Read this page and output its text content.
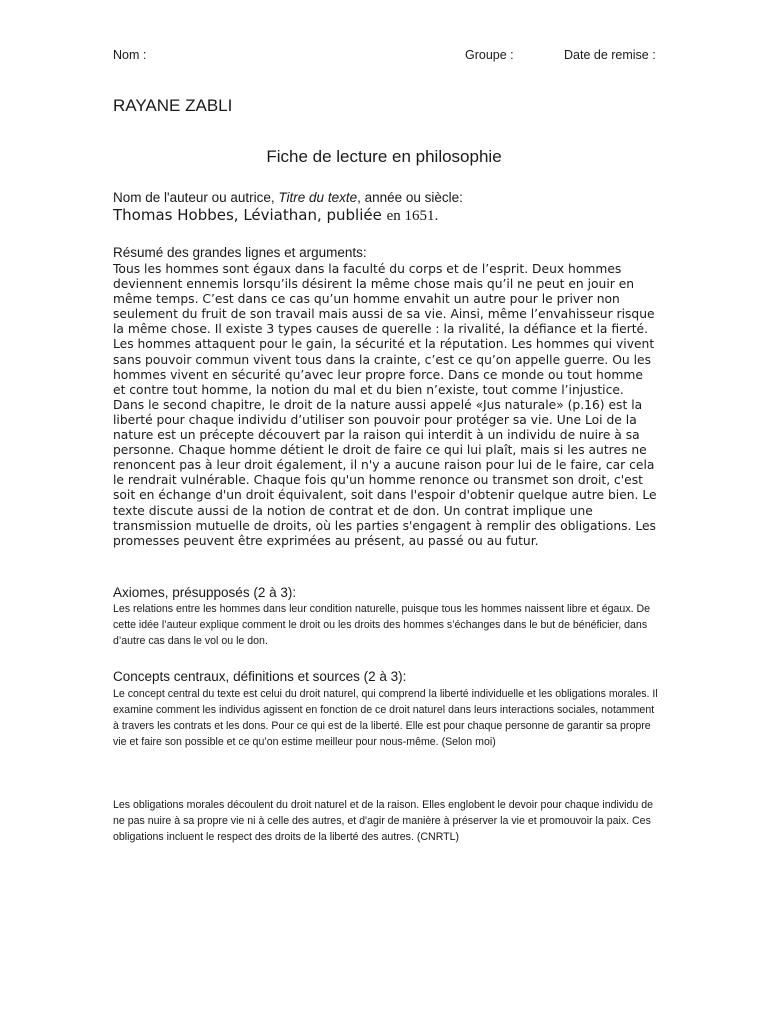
Nom :	Groupe :	Date de remise :

RAYANE ZABLI

Fiche de lecture en philosophie

Nom de l'auteur ou autrice, Titre du texte, année ou siècle:

Thomas Hobbes, Léviathan, publiée en 1651.

Résumé des grandes lignes et arguments:

Tous les hommes sont égaux dans la faculté du corps et de l’esprit. Deux hommes deviennent ennemis lorsqu’ils désirent la même chose mais qu’il ne peut en jouir en même temps. C’est dans ce cas qu’un homme envahit un autre pour le priver non seulement du fruit de son travail mais aussi de sa vie. Ainsi, même l’envahisseur risque la même chose. Il existe 3 types causes de querelle : la rivalité, la défiance et la fierté. Les hommes attaquent pour le gain, la sécurité et la réputation. Les hommes qui vivent sans pouvoir commun vivent tous dans la crainte, c’est ce qu’on appelle guerre. Ou les hommes vivent en sécurité qu’avec leur propre force. Dans ce monde ou tout homme et contre tout homme, la notion du mal et du bien n’existe, tout comme l’injustice. Dans le second chapitre, le droit de la nature aussi appelé «Jus naturale» (p.16) est la liberté pour chaque individu d’utiliser son pouvoir pour protéger sa vie. Une Loi de la nature est un précepte découvert par la raison qui interdit à un individu de nuire à sa personne. Chaque homme détient le droit de faire ce qui lui plaît, mais si les autres ne renoncent pas à leur droit également, il n'y a aucune raison pour lui de le faire, car cela le rendrait vulnérable. Chaque fois qu'un homme renonce ou transmet son droit, c'est soit en échange d'un droit équivalent, soit dans l'espoir d'obtenir quelque autre bien. Le texte discute aussi de la notion de contrat et de don. Un contrat implique une transmission mutuelle de droits, où les parties s'engagent à remplir des obligations. Les promesses peuvent être exprimées au présent, au passé ou au futur.

Axiomes, présupposés (2 à 3):

Les relations entre les hommes dans leur condition naturelle, puisque tous les hommes naissent libre et égaux. De cette idée l’auteur explique comment le droit ou les droits des hommes s’échanges dans le but de bénéficier, dans d’autre cas dans le vol ou le don.

Concepts centraux, définitions et sources (2 à 3):

Le concept central du texte est celui du droit naturel, qui comprend la liberté individuelle et les obligations morales. Il examine comment les individus agissent en fonction de ce droit naturel dans leurs interactions sociales, notamment à travers les contrats et les dons. Pour ce qui est de la liberté. Elle est pour chaque personne de garantir sa propre vie et faire son possible et ce qu’on estime meilleur pour nous-même. (Selon moi)

Les obligations morales découlent du droit naturel et de la raison. Elles englobent le devoir pour chaque individu de ne pas nuire à sa propre vie ni à celle des autres, et d'agir de manière à préserver la vie et promouvoir la paix. Ces obligations incluent le respect des droits de la liberté des autres. (CNRTL)
